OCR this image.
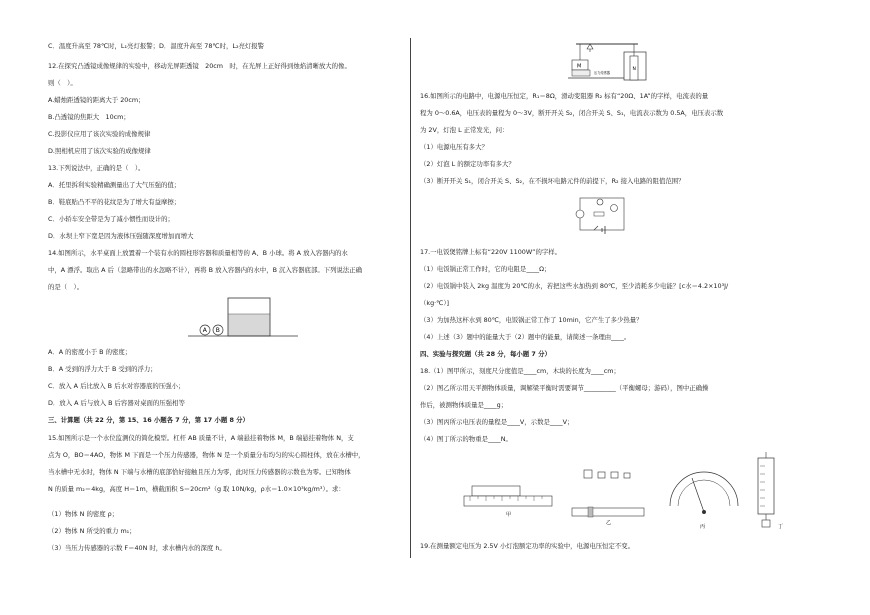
C．温度升高至 78℃时，L₁亮灯报警；D．温度升高至 78℃时，L₂亮灯报警
12.在探究凸透镜成像规律的实验中，移动光屏距透镜　20cm　时，在光屏上正好得到烛焰清晰放大的像。
则（　）。
A.蜡烛距透镜的距离大于 20cm；
B.凸透镜的焦距大　10cm；
C.投影仪应用了该次实验的成像规律
D.照相机应用了该次实验的成像规律
13.下列说法中，正确的是（　）。
A．托里拆利实验精确测量出了大气压强的值；
B．鞋底贴凸不平的花纹是为了增大有益摩擦；
C．小轿车安全带是为了减小惯性而设计的；
D．水坝上窄下宽是因为液体压强随深度增加而增大
14.如图所示，水平桌面上放置着一个装有水的圆柱形容器和质量相等的 A、B 小球。将 A 放入容器内的水
中，A 漂浮。取出 A 后（忽略带出的水忽略不计），再将 B 放入容器内的水中，B 沉入容器底部。下列说法正确
的是（　）。
A B
A．A 的密度小于 B 的密度；
B．A 受到的浮力大于 B 受到的浮力；
C．放入 A 后比放入 B 后水对容器底的压强小；
D．放入 A 后与放入 B 后容器对桌面的压强相等
三、计算题（共 22 分，第 15、16 小题各 7 分，第 17 小题 8 分）
15.如图所示是一个水位监测仪的简化模型。杠杆 AB 质量不计，A 端悬挂着物体 M，B 端悬挂着物体 N，支
点为 O，BO＝4AO，物体 M 下面是一个压力传感器，物体 N 是一个质量分布均匀的实心圆柱体，放在水槽中，
当水槽中无水时，物体 N 下端与水槽的底部恰好接触且压力为零，此时压力传感器的示数也为零。已知物体
N 的质量 m₂＝4kg，高度 H＝1m，横截面积 S＝20cm²（g 取 10N/kg，ρ水＝1.0×10³kg/m³）。求：
（1）物体 N 的密度 ρ；
（2）物体 N 所受的重力 m₁；
（3）当压力传感器的示数 F＝40N 时，求水槽内水的深度 h。
M
压力传感器
N
16.如图所示的电路中，电源电压恒定，R₁＝8Ω，滑动变阻器 R₂ 标有“20Ω、1A”的字样，电流表的量
程为 0～0.6A，电压表的量程为 0～3V，断开开关 S₂，闭合开关 S、S₁，电流表示数为 0.5A，电压表示数
为 2V，灯泡 L 正常发光，问：
（1）电源电压有多大？
（2）灯泡 L 的额定功率有多大？
（3）断开开关 S₁，闭合开关 S、S₂，在不损坏电路元件的前提下，R₂ 接入电路的阻值范围？
17.一电饭煲铭牌上标有“220V 1100W”的字样。
（1）电饭锅正常工作时，它的电阻是____Ω；
（2）电饭锅中装入 2kg 温度为 20℃的水，若把这些水加热到 80℃，至少消耗多少电能？[c水＝4.2×10³J/
（kg·℃）]
（3）为加热这杯水到 80℃，电饭锅正常工作了 10min，它产生了多少热量？
（4）上述（3）题中的能量大于（2）题中的能量，请简述一条理由____。
四、实验与探究题（共 28 分，每小题 7 分）
18.（1）图甲所示，刻度尺分度值是____cm，木块的长度为____cm；
（2）图乙所示用天平测物体质量，调解梁平衡时需要调节__________（平衡螺母；游码），图中正确操
作后，被测物体质量是____g；
（3）图丙所示电压表的量程是____V，示数是____V；
（4）图丁所示的物重是____N。
甲
乙
丙	丁
19.在测量额定电压为 2.5V 小灯泡额定功率的实验中，电源电压恒定不变。
